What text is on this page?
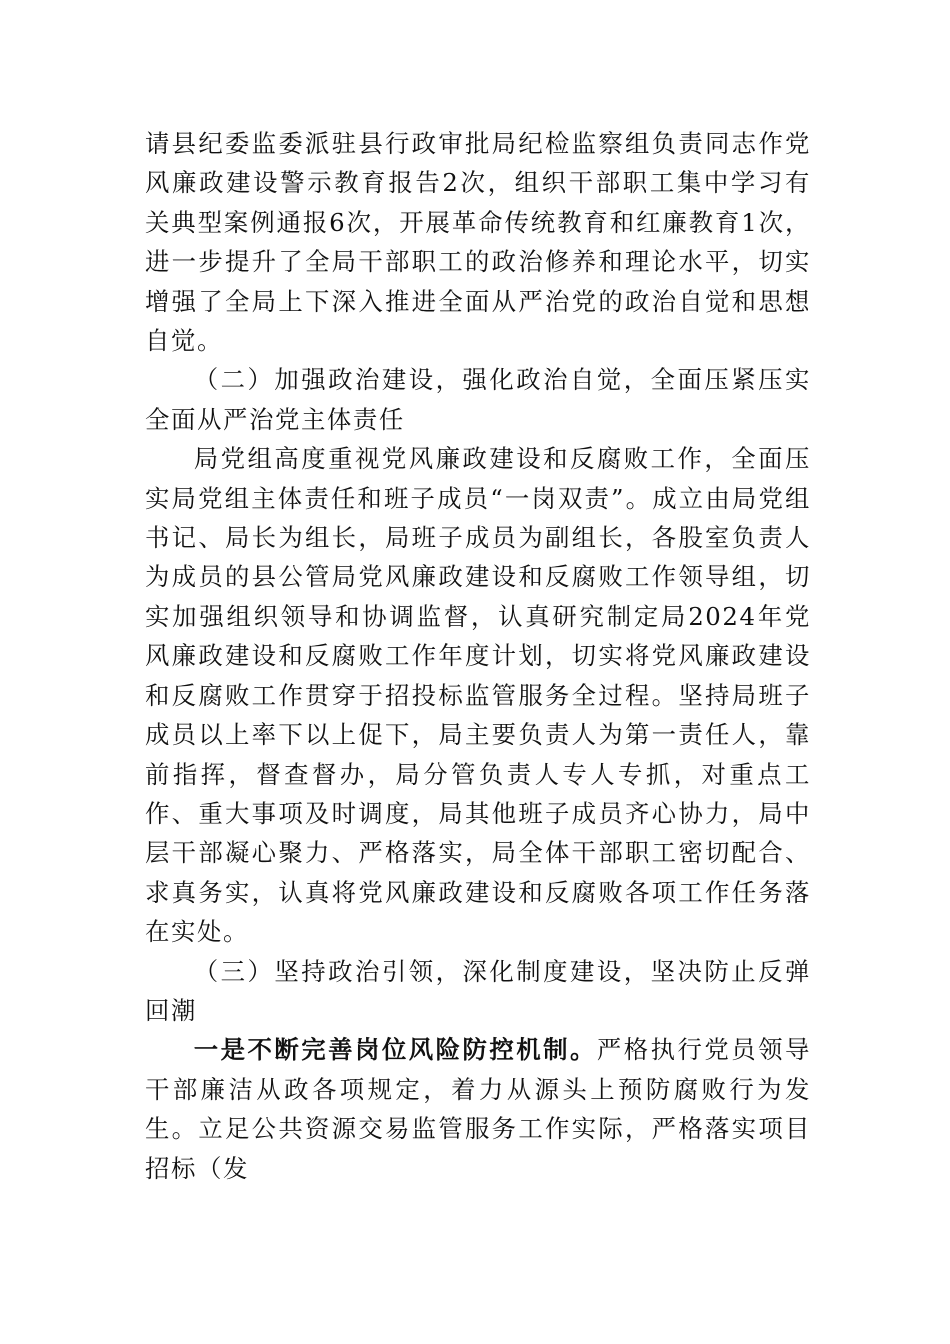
请县纪委监委派驻县行政审批局纪检监察组负责同志作党风廉政建设警示教育报告2次，组织干部职工集中学习有关典型案例通报6次，开展革命传统教育和红廉教育1次，进一步提升了全局干部职工的政治修养和理论水平，切实增强了全局上下深入推进全面从严治党的政治自觉和思想自觉。

（二）加强政治建设，强化政治自觉，全面压紧压实全面从严治党主体责任

局党组高度重视党风廉政建设和反腐败工作，全面压实局党组主体责任和班子成员“一岗双责”。成立由局党组书记、局长为组长，局班子成员为副组长，各股室负责人为成员的县公管局党风廉政建设和反腐败工作领导组，切实加强组织领导和协调监督，认真研究制定局2024年党风廉政建设和反腐败工作年度计划，切实将党风廉政建设和反腐败工作贯穿于招投标监管服务全过程。坚持局班子成员以上率下以上促下，局主要负责人为第一责任人，靠前指挥，督查督办，局分管负责人专人专抓，对重点工作、重大事项及时调度，局其他班子成员齐心协力，局中层干部凝心聚力、严格落实，局全体干部职工密切配合、求真务实，认真将党风廉政建设和反腐败各项工作任务落在实处。

（三）坚持政治引领，深化制度建设，坚决防止反弹回潮

一是不断完善岗位风险防控机制。严格执行党员领导干部廉洁从政各项规定，着力从源头上预防腐败行为发生。立足公共资源交易监管服务工作实际，严格落实项目招标（发
